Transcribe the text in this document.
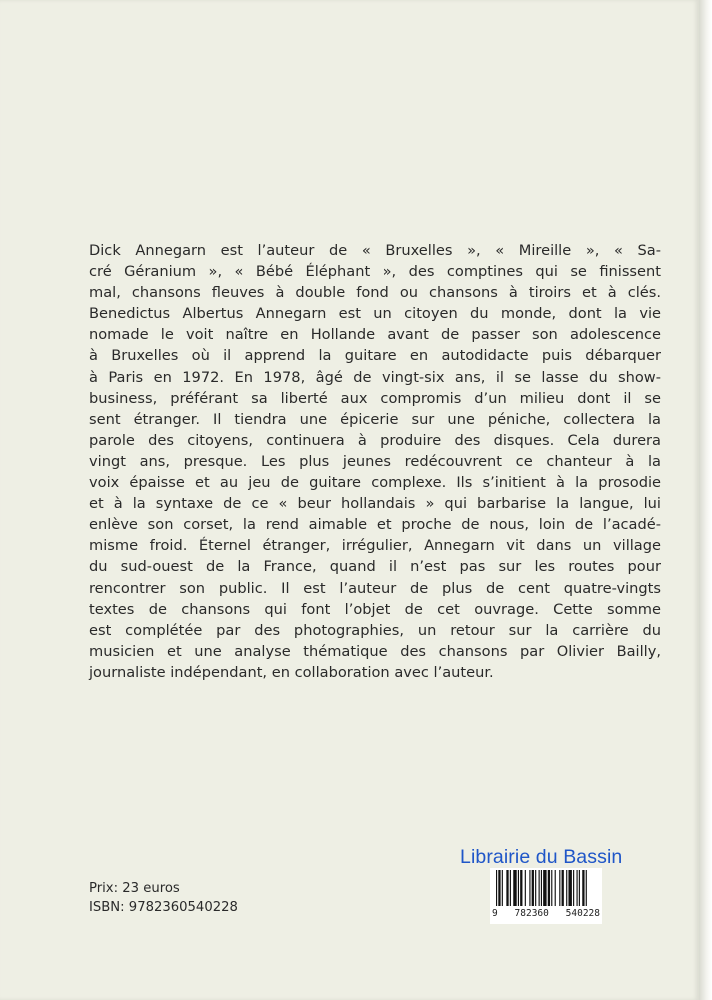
Dick Annegarn est l’auteur de « Bruxelles », « Mireille », « Sa-
cré Géranium », « Bébé Éléphant », des comptines qui se finissent
mal, chansons fleuves à double fond ou chansons à tiroirs et à clés.
Benedictus Albertus Annegarn est un citoyen du monde, dont la vie
nomade le voit naître en Hollande avant de passer son adolescence
à Bruxelles où il apprend la guitare en autodidacte puis débarquer
à Paris en 1972. En 1978, âgé de vingt-six ans, il se lasse du show-
business, préférant sa liberté aux compromis d’un milieu dont il se
sent étranger. Il tiendra une épicerie sur une péniche, collectera la
parole des citoyens, continuera à produire des disques. Cela durera
vingt ans, presque. Les plus jeunes redécouvrent ce chanteur à la
voix épaisse et au jeu de guitare complexe. Ils s’initient à la prosodie
et à la syntaxe de ce « beur hollandais » qui barbarise la langue, lui
enlève son corset, la rend aimable et proche de nous, loin de l’acadé-
misme froid. Éternel étranger, irrégulier, Annegarn vit dans un village
du sud-ouest de la France, quand il n’est pas sur les routes pour
rencontrer son public. Il est l’auteur de plus de cent quatre-vingts
textes de chansons qui font l’objet de cet ouvrage. Cette somme
est complétée par des photographies, un retour sur la carrière du
musicien et une analyse thématique des chansons par Olivier Bailly,
journaliste indépendant, en collaboration avec l’auteur.
Prix: 23 euros
ISBN: 9782360540228
Librairie du Bassin
9 782360 540228
